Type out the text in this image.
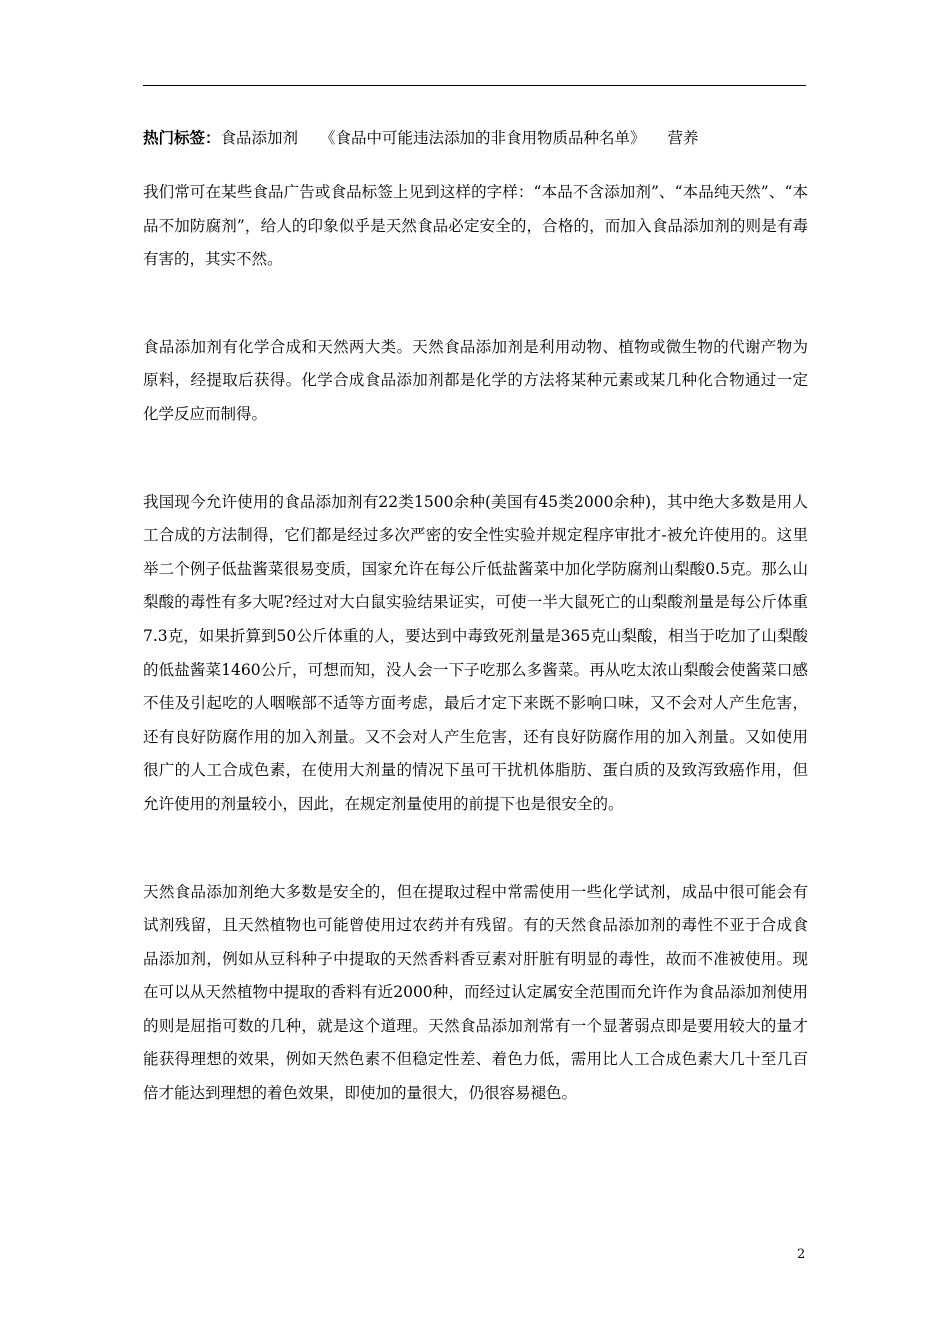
热门标签：食品添加剂 《食品中可能违法添加的非食用物质品种名单》 营养

我们常可在某些食品广告或食品标签上见到这样的字样：“本品不含添加剂”、“本品纯天然”、“本品不加防腐剂”，给人的印象似乎是天然食品必定安全的，合格的，而加入食品添加剂的则是有毒有害的，其实不然。

食品添加剂有化学合成和天然两大类。天然食品添加剂是利用动物、植物或微生物的代谢产物为原料，经提取后获得。化学合成食品添加剂都是化学的方法将某种元素或某几种化合物通过一定化学反应而制得。

我国现今允许使用的食品添加剂有22类1500余种(美国有45类2000余种)，其中绝大多数是用人工合成的方法制得，它们都是经过多次严密的安全性实验并规定程序审批才-被允许使用的。这里举二个例子低盐酱菜很易变质，国家允许在每公斤低盐酱菜中加化学防腐剂山梨酸0.5克。那么山梨酸的毒性有多大呢?经过对大白鼠实验结果证实，可使一半大鼠死亡的山梨酸剂量是每公斤体重7.3克，如果折算到50公斤体重的人，要达到中毒致死剂量是365克山梨酸，相当于吃加了山梨酸的低盐酱菜1460公斤，可想而知，没人会一下子吃那么多酱菜。再从吃太浓山梨酸会使酱菜口感不佳及引起吃的人咽喉部不适等方面考虑，最后才定下来既不影响口味，又不会对人产生危害，还有良好防腐作用的加入剂量。又不会对人产生危害，还有良好防腐作用的加入剂量。又如使用很广的人工合成色素，在使用大剂量的情况下虽可干扰机体脂肪、蛋白质的及致泻致癌作用，但允许使用的剂量较小，因此，在规定剂量使用的前提下也是很安全的。

天然食品添加剂绝大多数是安全的，但在提取过程中常需使用一些化学试剂，成品中很可能会有试剂残留，且天然植物也可能曾使用过农药并有残留。有的天然食品添加剂的毒性不亚于合成食品添加剂，例如从豆科种子中提取的天然香料香豆素对肝脏有明显的毒性，故而不准被使用。现在可以从天然植物中提取的香料有近2000种，而经过认定属安全范围而允许作为食品添加剂使用的则是屈指可数的几种，就是这个道理。天然食品添加剂常有一个显著弱点即是要用较大的量才能获得理想的效果，例如天然色素不但稳定性差、着色力低，需用比人工合成色素大几十至几百倍才能达到理想的着色效果，即使加的量很大，仍很容易褪色。

2
